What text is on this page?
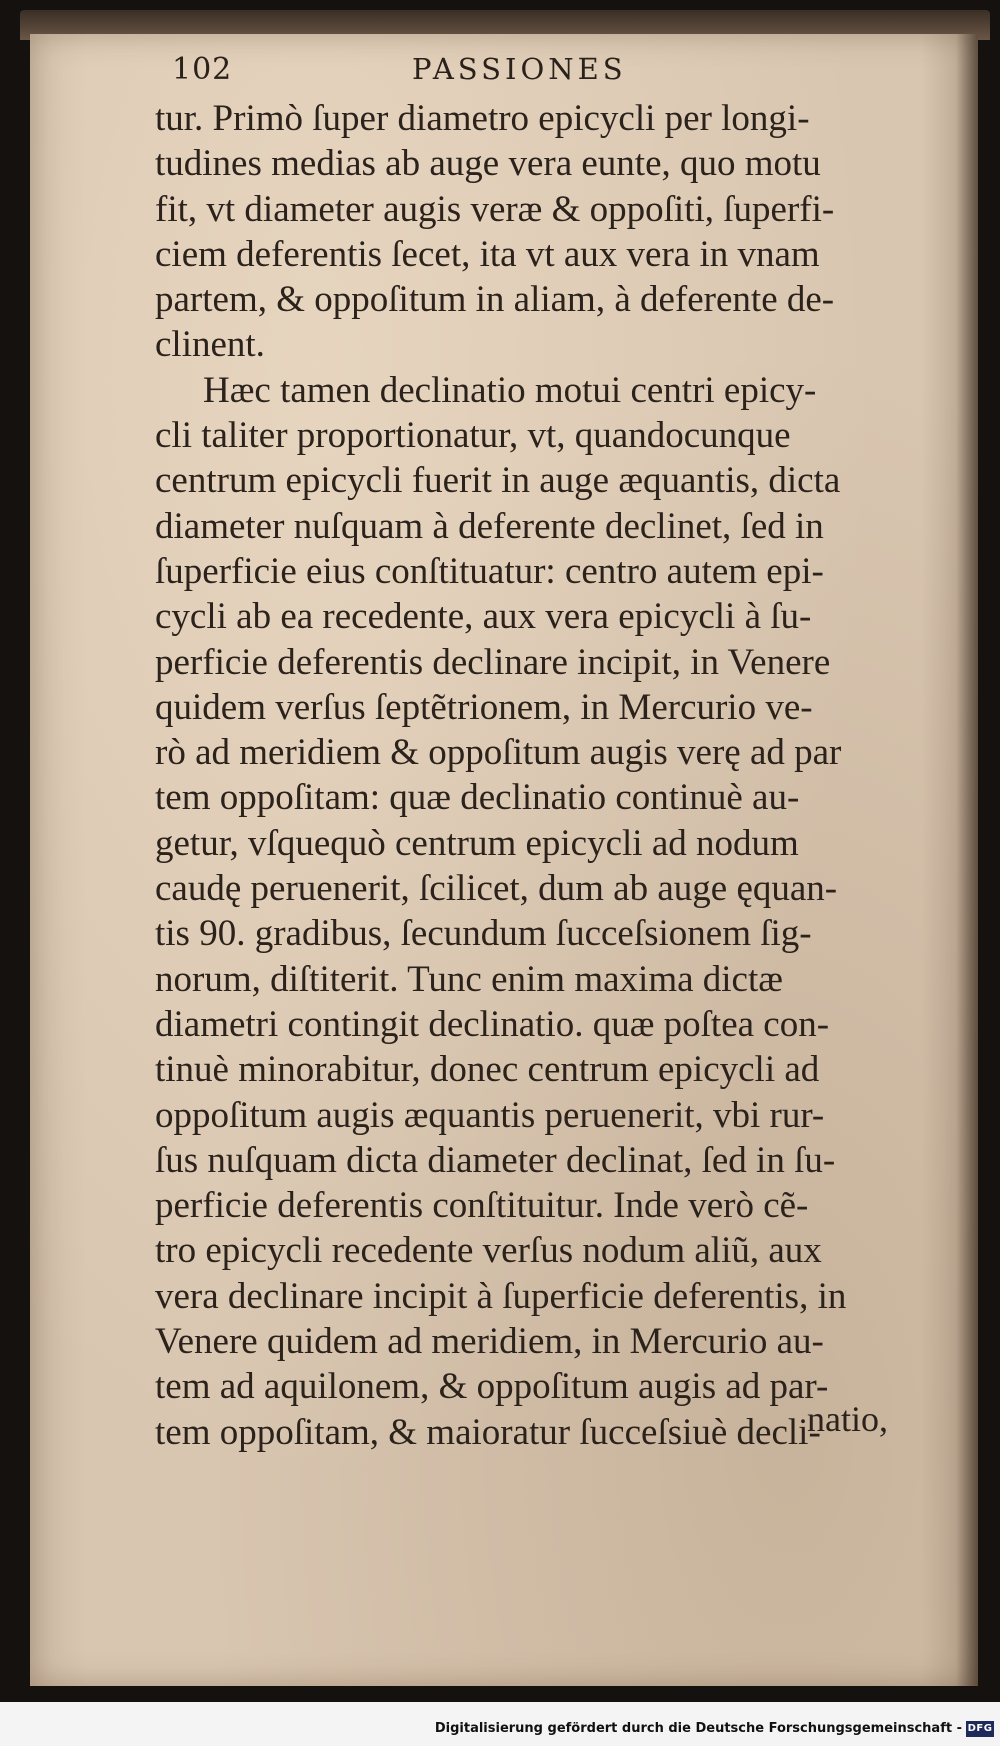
102	PASSIONES
tur. Primò ſuper diametro epicycli per longi-
tudines medias ab auge vera eunte, quo motu
fit, vt diameter augis veræ & oppoſiti, ſuperfi-
ciem deferentis ſecet, ita vt aux vera in vnam
partem, & oppoſitum in aliam, à deferente de-
clinent.
Hæc tamen declinatio motui centri epicy-
cli taliter proportionatur, vt, quandocunque
centrum epicycli fuerit in auge æquantis, dicta
diameter nuſquam à deferente declinet, ſed in
ſuperficie eius conſtituatur: centro autem epi-
cycli ab ea recedente, aux vera epicycli à ſu-
perficie deferentis declinare incipit, in Venere
quidem verſus ſeptẽtrionem, in Mercurio ve-
rò ad meridiem & oppoſitum augis verę ad par
tem oppoſitam: quæ declinatio continuè au-
getur, vſquequò centrum epicycli ad nodum
caudę peruenerit, ſcilicet, dum ab auge ęquan-
tis 90. gradibus, ſecundum ſucceſsionem ſig-
norum, diſtiterit. Tunc enim maxima dictæ
diametri contingit declinatio. quæ poſtea con-
tinuè minorabitur, donec centrum epicycli ad
oppoſitum augis æquantis peruenerit, vbi rur-
ſus nuſquam dicta diameter declinat, ſed in ſu-
perficie deferentis conſtituitur. Inde verò cẽ-
tro epicycli recedente verſus nodum aliũ, aux
vera declinare incipit à ſuperficie deferentis, in
Venere quidem ad meridiem, in Mercurio au-
tem ad aquilonem, & oppoſitum augis ad par-
tem oppoſitam, & maioratur ſucceſsiuè decli-
natio,
Digitalisierung gefördert durch die Deutsche Forschungsgemeinschaft - DFG
